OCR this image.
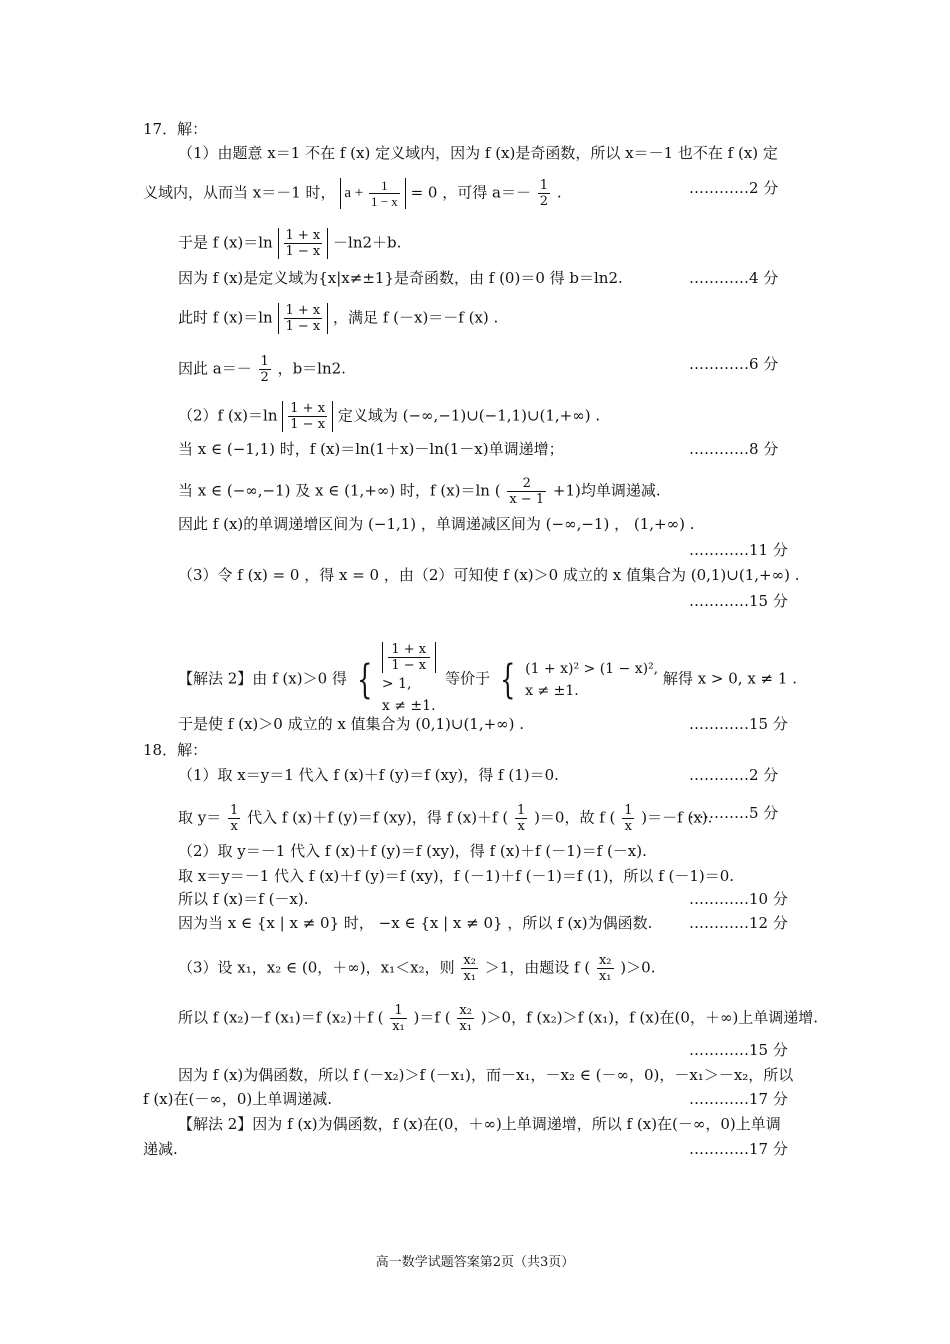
17．解：
（1）由题意 x＝1 不在 f (x) 定义域内，因为 f (x)是奇函数，所以 x＝－1 也不在 f (x) 定
义域内，从而当 x＝－1 时， $a + \frac{1}{1 - x} = 0$ ，可得 $a=- \frac{1}{2}$ .	…………2 分
于是 f $(x)=\ln \frac{1 + x}{1 - x} -\ln 2+b$.
因为 f (x)是定义域为{x|x≠±1}是奇函数，由 f (0)＝0 得 b＝ln2.	…………4 分
此时 f $(x)=\ln \frac{1 + x}{1 - x}$ ，满足 f (－x)＝－f (x) .
因此 $a=- \frac{1}{2}$ ，b＝ln2.	…………6 分
（2）f $(x)=\ln \frac{1 + x}{1 - x}$ 定义域为 (−∞,−1)∪(−1,1)∪(1,+∞) .
当 x ∈ (−1,1) 时，f (x)＝ln(1＋x)－ln(1－x)单调递增；	…………8 分
当 x ∈ (−∞,−1) 及 x ∈ (1,+∞) 时，f (x)＝ln ( $\frac{2}{x - 1} +1$)均单调递减.
因此 f (x)的单调递增区间为 (−1,1) ，单调递减区间为 (−∞,−1) ， (1,+∞) .
…………11 分
（3）令 f (x) = 0 ，得 x = 0 ，由（2）可知使 f (x)＞0 成立的 x 值集合为 (0,1)∪(1,+∞) .
…………15 分
【解法 2】由 f (x)＞0 得 {
1 + x
1 − x
> 1,
x ≠ ±1.
等价于 { (1 + x)² > (1 − x)²,
x ≠ ±1.
解得 x > 0, x ≠ 1 .
于是使 f (x)＞0 成立的 x 值集合为 (0,1)∪(1,+∞) .	…………15 分
18．解：
（1）取 x＝y＝1 代入 f (x)＋f (y)＝f (xy)，得 f (1)＝0.	…………2 分
取 $y= \frac{1}{x}$ 代入 f (x)＋f (y)＝f (xy)，得 f (x)＋f ( $\frac{1}{x} )=0$，故 f ( $\frac{1}{x} )=-f$ (x).
…………5 分
（2）取 y＝－1 代入 f (x)＋f (y)＝f (xy)，得 f (x)＋f (－1)＝f (－x).
取 x＝y＝－1 代入 f (x)＋f (y)＝f (xy)，f (－1)＋f (－1)＝f (1)，所以 f (－1)＝0.
所以 f (x)＝f (－x).	…………10 分
因为当 x ∈ {x | x ≠ 0} 时， −x ∈ {x | x ≠ 0} ，所以 f (x)为偶函数. …………12 分
（3）设 x₁，x₂ ∈ (0，＋∞)，x₁＜x₂，则 $\frac{\text{x₂}}{\text{x₁}} >1$，由题设 f ( $\frac{\text{x₂}}{\text{x₁}} )>0$.
所以 f (x₂)－f (x₁)＝f (x₂)＋f ( $\frac{1}{\text{x₁}} )=f$ ( $\frac{\text{x₂}}{\text{x₁}} )>0$，f (x₂)＞f (x₁)，f (x)在(0，＋∞)上单调递增.
…………15 分
因为 f (x)为偶函数，所以 f (－x₂)＞f (－x₁)，而－x₁，－x₂ ∈ (－∞，0)，－x₁＞－x₂，所以
f (x)在(－∞，0)上单调递减.	…………17 分
【解法 2】因为 f (x)为偶函数，f (x)在(0，＋∞)上单调递增，所以 f (x)在(－∞，0)上单调
递减.	…………17 分
高一数学试题答案第2页（共3页）
